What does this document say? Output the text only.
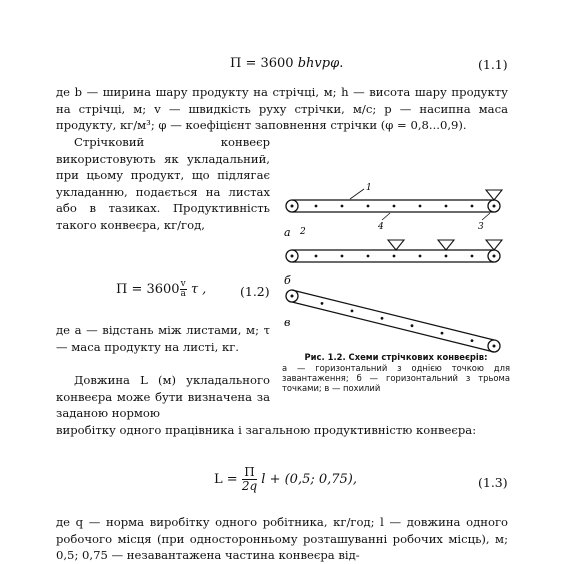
П = 3600 bhvpφ.	(1.1)

де b — ширина шару продукту на стрічці, м; h — висота шару продукту на стрічці, м; v — швидкість руху стрічки, м/с; p — насипна маса продукту, кг/м³; φ — коефіцієнт заповнення стрічки (φ = 0,8...0,9).

Стрічковий конвеєр використовують як укладальний, при цьому продукт, що підлягає укладанню, подається на листах або в тазиках. Продуктивність такого конвеєра, кг/год,
$П = 3600 \frac{v}{a}$ τ ,	(1.2)
де a — відстань між листами, м; τ — маса продукту на листі, кг.
Довжина L (м) укладального конвеєра може бути визначена за заданою нормою

виробітку одного працівника і загальною продуктивністю конвеєра:

L = П
2q l + (0,5; 0,75),	(1.3)

де q — норма виробітку одного робітника, кг/год; l — довжина одного робочого місця (при односторонньому розташуванні робочих місць), м; 0,5; 0,75 — незавантажена частина конвеєра від-

1
4	3
а 2
б
в
Рис. 1.2. Схеми стрічкових конвеєрів:
а — горизонтальний з однією точкою для завантаження; б — горизонтальний з трьома точками; в — похилий
